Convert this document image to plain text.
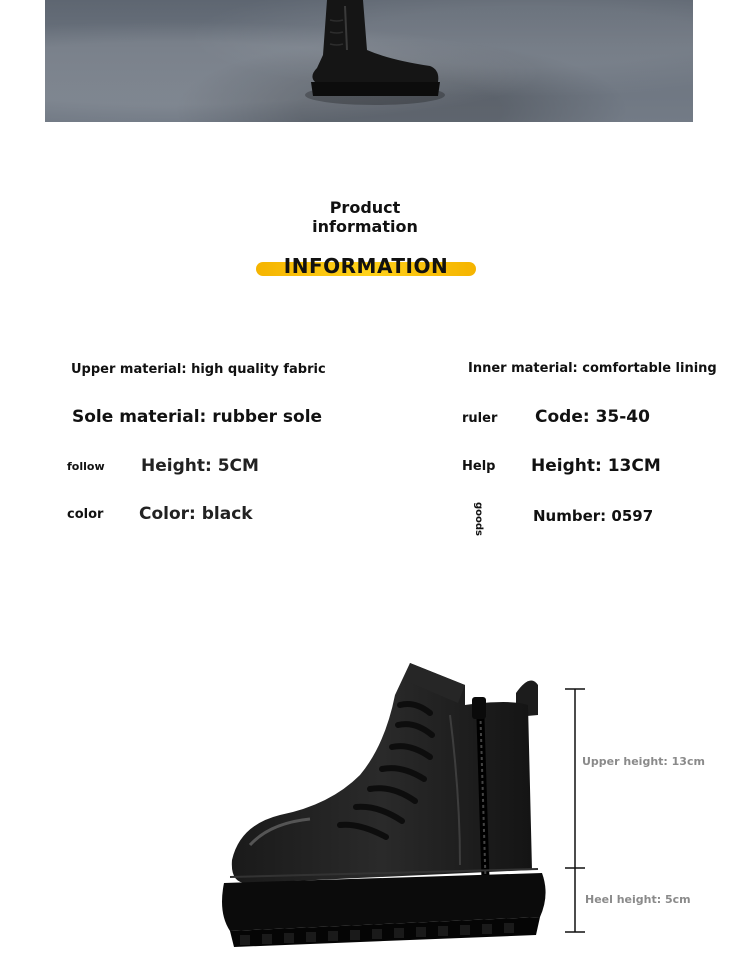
Product
information
INFORMATION
Upper material: high quality fabric	Inner material: comfortable lining
Sole material: rubber sole	ruler Code: 35-40
follow Height: 5CM	Help Height: 13CM
color Color: black	goods	Number: 0597
Upper height: 13cm
Heel height: 5cm
